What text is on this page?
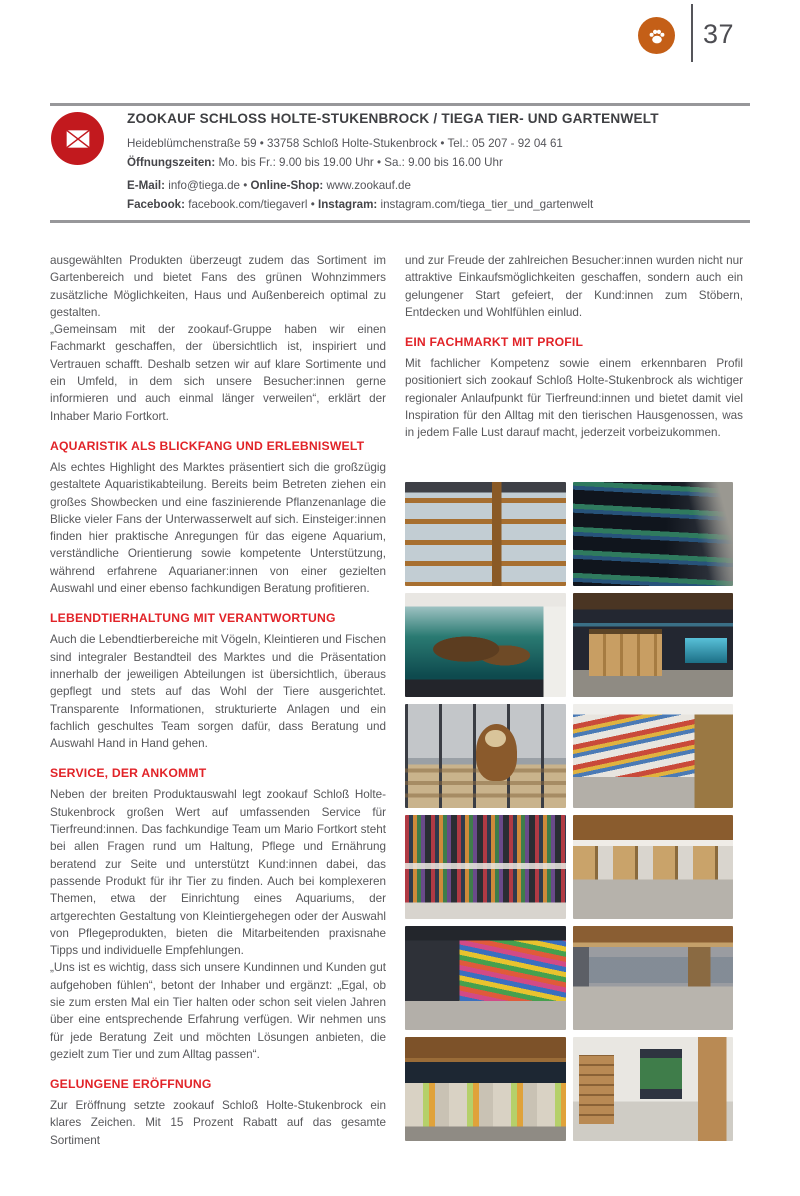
37

ZOOKAUF SCHLOSS HOLTE-STUKENBROCK / TIEGA TIER- UND GARTENWELT

Heideblümchenstraße 59 • 33758 Schloß Holte-Stukenbrock • Tel.: 05 207 - 92 04 61

Öffnungszeiten: Mo. bis Fr.: 9.00 bis 19.00 Uhr • Sa.: 9.00 bis 16.00 Uhr

E-Mail: info@tiega.de • Online-Shop: www.zookauf.de

Facebook: facebook.com/tiegaverl • Instagram: instagram.com/tiega_tier_und_gartenwelt

ausgewählten Produkten überzeugt zudem das Sortiment im Gartenbereich und bietet Fans des grünen Wohnzimmers zusätzliche Möglichkeiten, Haus und Außenbereich optimal zu gestalten.

„Gemeinsam mit der zookauf-Gruppe haben wir einen Fachmarkt geschaffen, der übersichtlich ist, inspiriert und Vertrauen schafft. Deshalb setzen wir auf klare Sortimente und ein Umfeld, in dem sich unsere Besucher:innen gerne informieren und auch einmal länger verweilen“, erklärt der Inhaber Mario Fortkort.

AQUARISTIK ALS BLICKFANG UND ERLEBNISWELT

Als echtes Highlight des Marktes präsentiert sich die großzügig gestaltete Aquaristikabteilung. Bereits beim Betreten ziehen ein großes Showbecken und eine faszinierende Pflanzenanlage die Blicke vieler Fans der Unterwasserwelt auf sich. Einsteiger:innen finden hier praktische Anregungen für das eigene Aquarium, verständliche Orientierung sowie kompetente Unterstützung, während erfahrene Aquarianer:innen von einer gezielten Auswahl und einer ebenso fachkundigen Beratung profitieren.

LEBENDTIERHALTUNG MIT VERANTWORTUNG

Auch die Lebendtierbereiche mit Vögeln, Kleintieren und Fischen sind integraler Bestandteil des Marktes und die Präsentation innerhalb der jeweiligen Abteilungen ist übersichtlich, überaus gepflegt und stets auf das Wohl der Tiere ausgerichtet. Transparente Informationen, strukturierte Anlagen und ein fachlich geschultes Team sorgen dafür, dass Beratung und Auswahl Hand in Hand gehen.

SERVICE, DER ANKOMMT

Neben der breiten Produktauswahl legt zookauf Schloß Holte-Stukenbrock großen Wert auf umfassenden Service für Tierfreund:innen. Das fachkundige Team um Mario Fortkort steht bei allen Fragen rund um Haltung, Pflege und Ernährung beratend zur Seite und unterstützt Kund:innen dabei, das passende Produkt für ihr Tier zu finden. Auch bei komplexeren Themen, etwa der Einrichtung eines Aquariums, der artgerechten Gestaltung von Kleintiergehegen oder der Auswahl von Pflegeprodukten, bieten die Mitarbeitenden praxisnahe Tipps und individuelle Empfehlungen.

„Uns ist es wichtig, dass sich unsere Kundinnen und Kunden gut aufgehoben fühlen“, betont der Inhaber und ergänzt: „Egal, ob sie zum ersten Mal ein Tier halten oder schon seit vielen Jahren über eine entsprechende Erfahrung verfügen. Wir nehmen uns für jede Beratung Zeit und möchten Lösungen anbieten, die gezielt zum Tier und zum Alltag passen“.

GELUNGENE ERÖFFNUNG

Zur Eröffnung setzte zookauf Schloß Holte-Stukenbrock ein klares Zeichen. Mit 15 Prozent Rabatt auf das gesamte Sortiment

und zur Freude der zahlreichen Besucher:innen wurden nicht nur attraktive Einkaufsmöglichkeiten geschaffen, sondern auch ein gelungener Start gefeiert, der Kund:innen zum Stöbern, Entdecken und Wohlfühlen einlud.

EIN FACHMARKT MIT PROFIL

Mit fachlicher Kompetenz sowie einem erkennbaren Profil positioniert sich zookauf Schloß Holte-Stukenbrock als wichtiger regionaler Anlaufpunkt für Tierfreund:innen und bietet damit viel Inspiration für den Alltag mit den tierischen Hausgenossen, was in jedem Falle Lust darauf macht, jederzeit vorbeizukommen.
